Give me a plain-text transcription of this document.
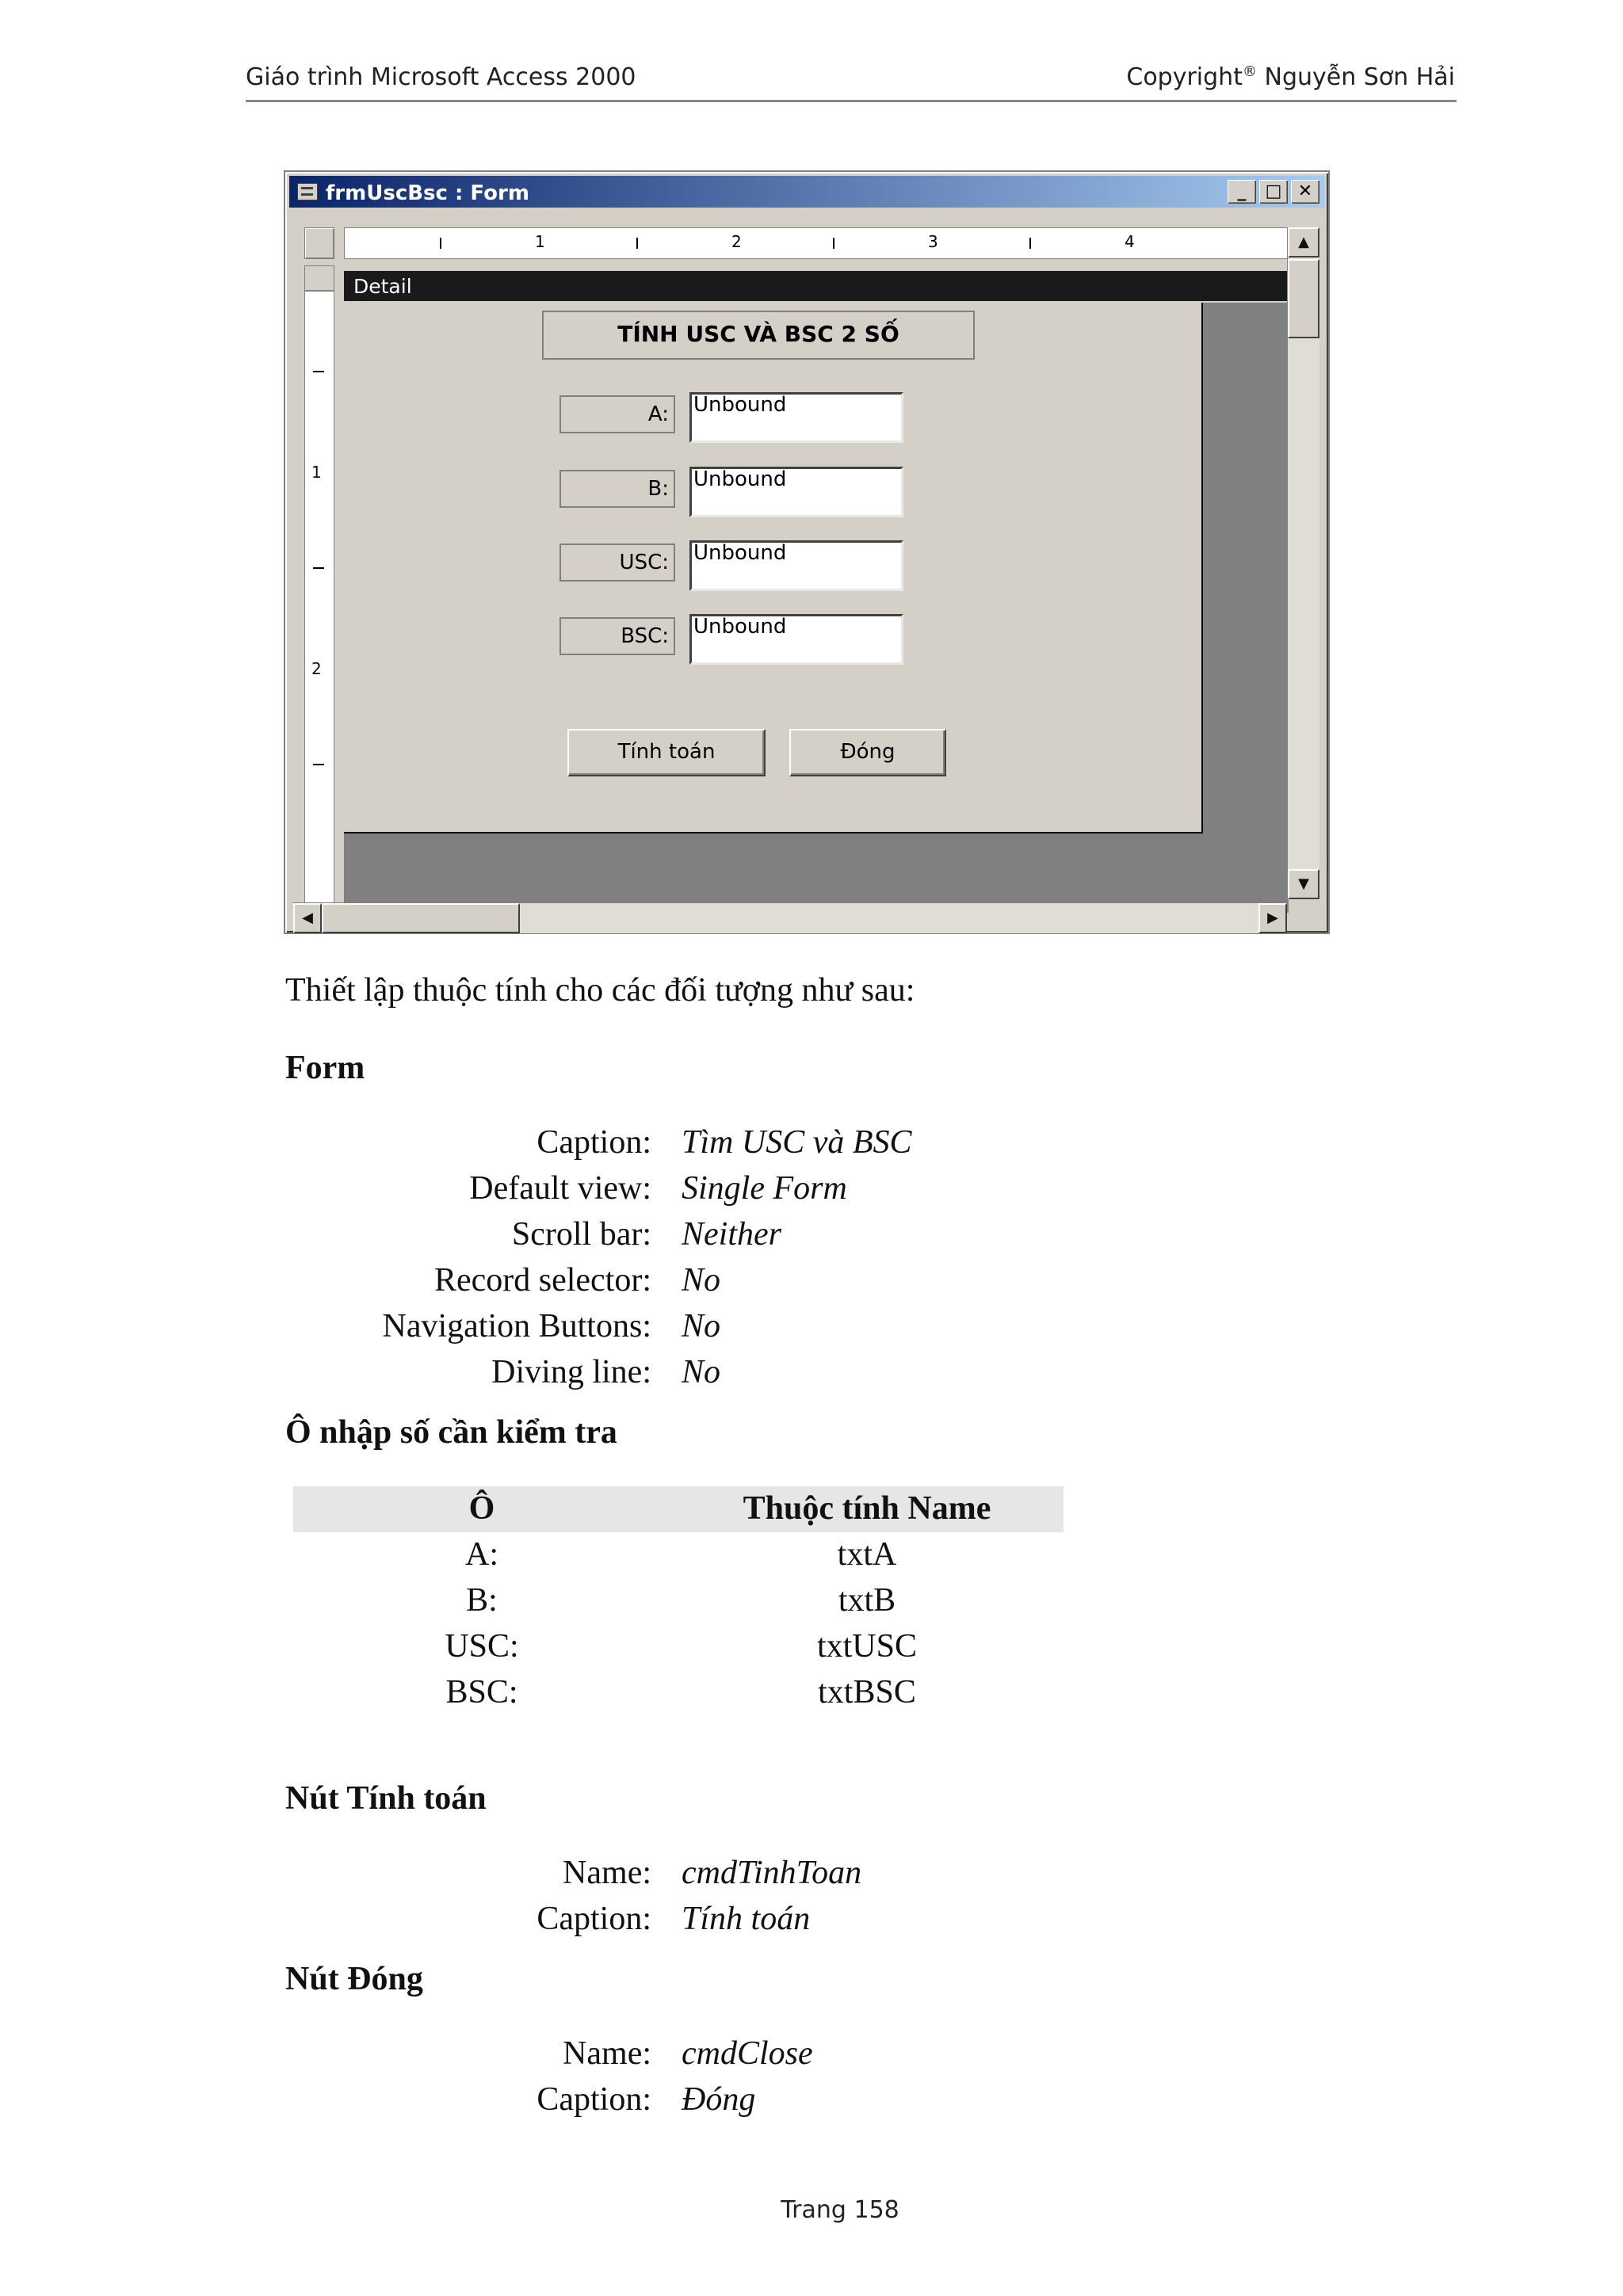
Giáo trình Microsoft Access 2000	Copyright® Nguyễn Sơn Hải
frmUscBsc : Form	_	□ ✕
1	2	3	4
Detail
1
2
TÍNH USC VÀ BSC 2 SỐ
A:	Unbound
B:	Unbound
USC:	Unbound
BSC:	Unbound
Tính toán	Đóng
▲
▼
◀	▶
Thiết lập thuộc tính cho các đối tượng như sau:
Form
Caption: Tìm USC và BSC
Default view: Single Form
Scroll bar: Neither
Record selector: No
Navigation Buttons: No
Diving line: No
Ô nhập số cần kiểm tra
Ô	Thuộc tính Name
A:	txtA
B:	txtB
USC:	txtUSC
BSC:	txtBSC
Nút Tính toán
Name: cmdTinhToan
Caption: Tính toán
Nút Đóng
Name: cmdClose
Caption: Đóng
Trang 158
